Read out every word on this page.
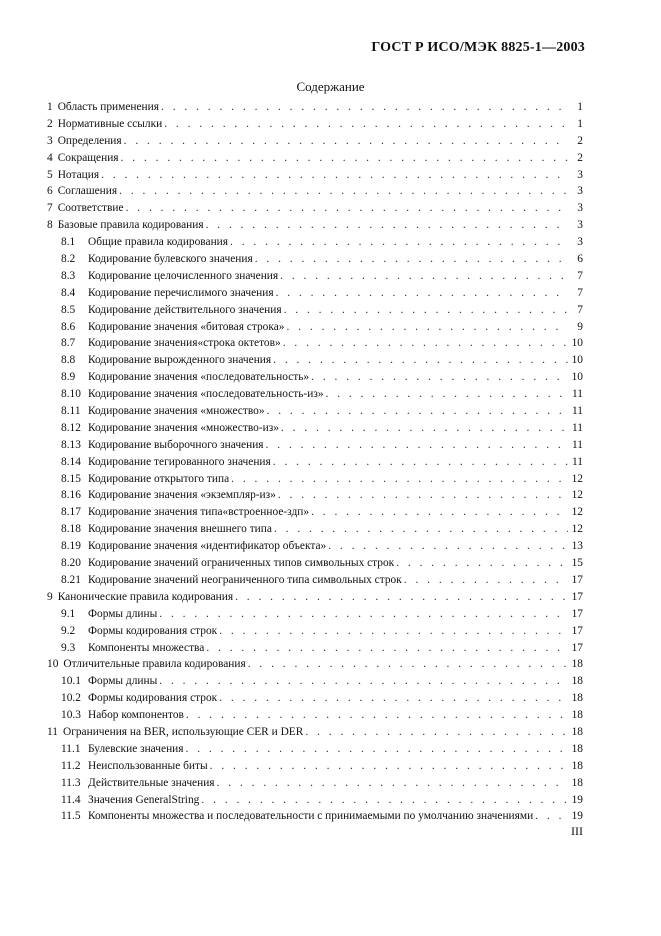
ГОСТ Р ИСО/МЭК 8825-1—2003
Содержание
1 Область применения . . .	1
2 Нормативные ссылки . . .	1
3 Определения . . .	2
4 Сокращения . . .	2
5 Нотация . . .	3
6 Соглашения . . .	3
7 Соответствие . . .	3
8 Базовые правила кодирования . . .	3
8.1	Общие правила кодирования . . .	3
8.2	Кодирование булевского значения . . .	6
8.3	Кодирование целочисленного значения . . .	7
8.4	Кодирование перечислимого значения . . .	7
8.5	Кодирование действительного значения . . .	7
8.6	Кодирование значения «битовая строка» . . .	9
8.7	Кодирование значения«строка октетов» . . .	10
8.8	Кодирование вырожденного значения . . .	10
8.9	Кодирование значения «последовательность» . . .	10
8.10 Кодирование значения «последовательность-из» . . .	11
8.11 Кодирование значения «множество» . . .	11
8.12 Кодирование значения «множество-из» . . .	11
8.13 Кодирование выборочного значения . . .	11
8.14 Кодирование тегированного значения . . .	11
8.15 Кодирование открытого типа . . .	12
8.16 Кодирование значения «экземпляр-из» . . .	12
8.17 Кодирование значения типа«встроенное-здп» . . .	12
8.18 Кодирование значения внешнего типа . . .	12
8.19 Кодирование значения «идентификатор объекта» . . .	13
8.20 Кодирование значений ограниченных типов символьных строк . . .	15
8.21 Кодирование значений неограниченного типа символьных строк . . .	17
9 Канонические правила кодирования . . .	17
9.1	Формы длины . . .	17
9.2	Формы кодирования строк . . .	17
9.3	Компоненты множества . . .	17
10 Отличительные правила кодирования . . .	18
10.1 Формы длины . . .	18
10.2 Формы кодирования строк . . .	18
10.3 Набор компонентов . . .	18
11 Ограничения на BER, использующие CER и DER . . .	18
11.1 Булевские значения . . .	18
11.2 Неиспользованные биты . . .	18
11.3 Действительные значения . . .	18
11.4 Значения GeneralString . . .	19
11.5 Компоненты множества и последовательности с принимаемыми по умолчанию значениями . . .	19
III
